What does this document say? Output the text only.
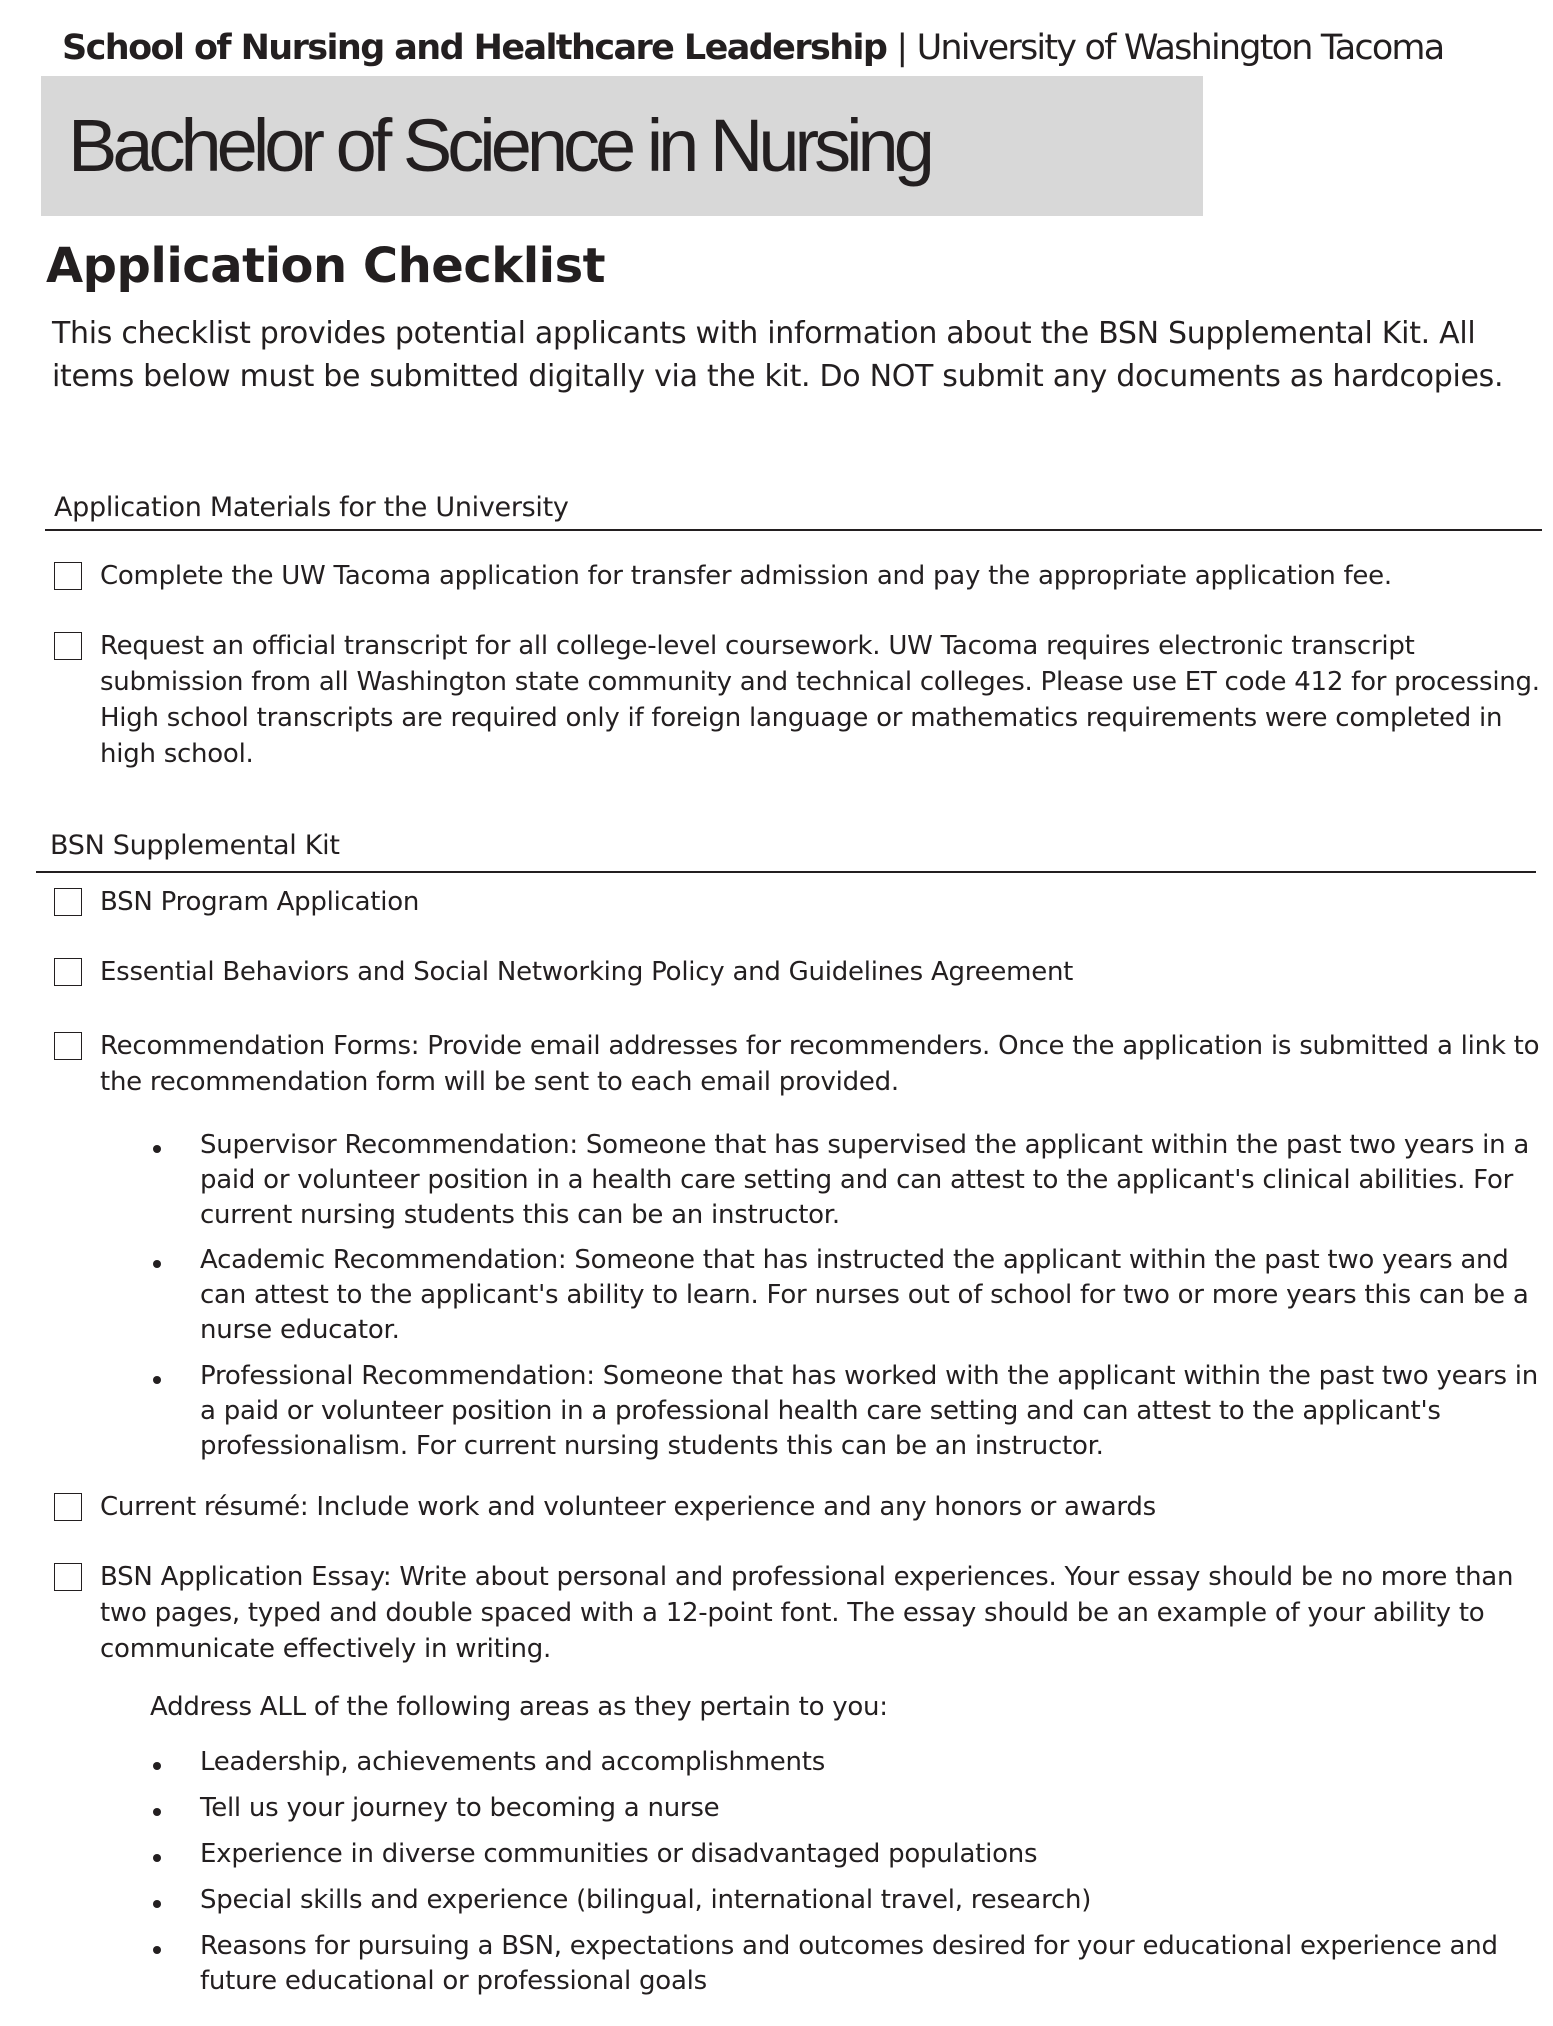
School of Nursing and Healthcare Leadership | University of Washington Tacoma
Bachelor of Science in Nursing
Application Checklist
This checklist provides potential applicants with information about the BSN Supplemental Kit. All items below must be submitted digitally via the kit. Do NOT submit any documents as hardcopies.
Application Materials for the University
Complete the UW Tacoma application for transfer admission and pay the appropriate application fee.
Request an official transcript for all college-level coursework. UW Tacoma requires electronic transcript submission from all Washington state community and technical colleges. Please use ET code 412 for processing. High school transcripts are required only if foreign language or mathematics requirements were completed in high school.
BSN Supplemental Kit
BSN Program Application
Essential Behaviors and Social Networking Policy and Guidelines Agreement
Recommendation Forms: Provide email addresses for recommenders. Once the application is submitted a link to the recommendation form will be sent to each email provided.
Supervisor Recommendation: Someone that has supervised the applicant within the past two years in a paid or volunteer position in a health care setting and can attest to the applicant's clinical abilities. For current nursing students this can be an instructor.
Academic Recommendation: Someone that has instructed the applicant within the past two years and can attest to the applicant's ability to learn. For nurses out of school for two or more years this can be a nurse educator.
Professional Recommendation: Someone that has worked with the applicant within the past two years in a paid or volunteer position in a professional health care setting and can attest to the applicant's professionalism. For current nursing students this can be an instructor.
Current résumé: Include work and volunteer experience and any honors or awards
BSN Application Essay: Write about personal and professional experiences. Your essay should be no more than two pages, typed and double spaced with a 12-point font. The essay should be an example of your ability to communicate effectively in writing.
Address ALL of the following areas as they pertain to you:
Leadership, achievements and accomplishments
Tell us your journey to becoming a nurse
Experience in diverse communities or disadvantaged populations
Special skills and experience (bilingual, international travel, research)
Reasons for pursuing a BSN, expectations and outcomes desired for your educational experience and future educational or professional goals
